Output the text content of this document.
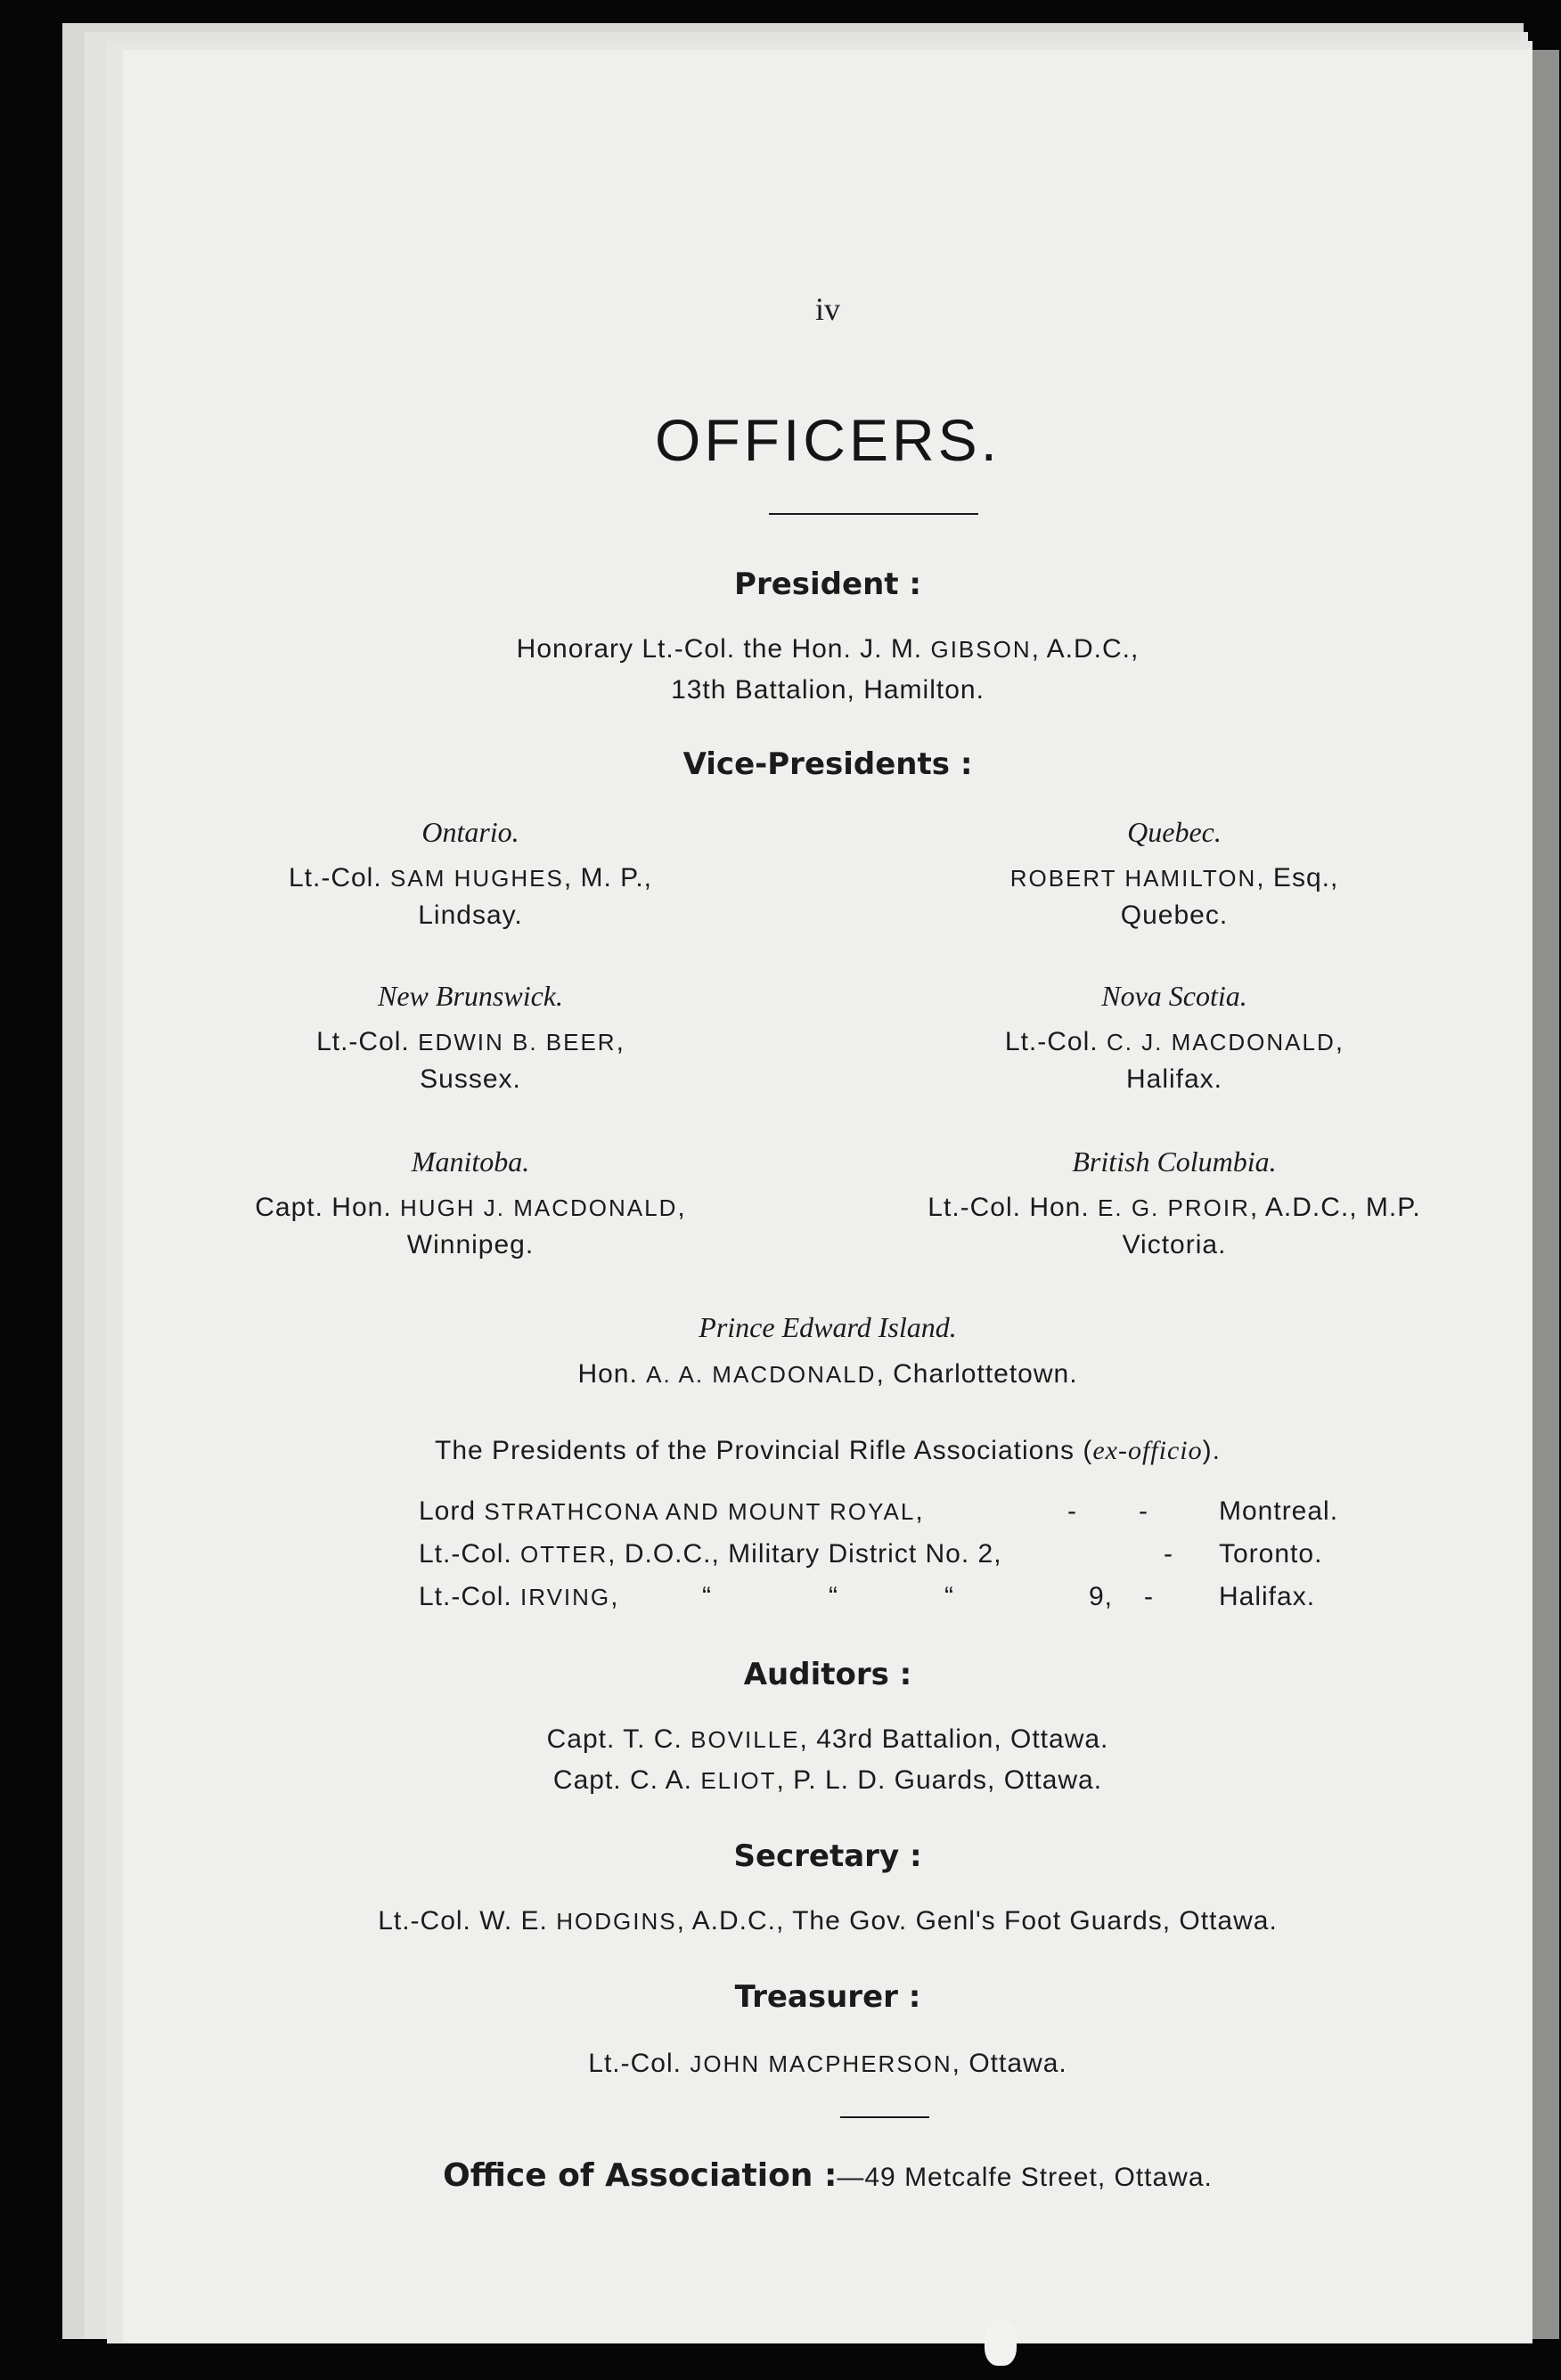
iv
OFFICERS.
President :
Honorary Lt.-Col. the Hon. J. M. GIBSON, A.D.C.,
13th Battalion, Hamilton.
Vice-Presidents :
Ontario.
Lt.-Col. SAM HUGHES, M. P.,
Lindsay.
Quebec.
ROBERT HAMILTON, Esq.,
Quebec.
New Brunswick.
Lt.-Col. EDWIN B. BEER,
Sussex.
Nova Scotia.
Lt.-Col. C. J. MACDONALD,
Halifax.
Manitoba.
Capt. Hon. HUGH J. MACDONALD,
Winnipeg.
British Columbia.
Lt.-Col. Hon. E. G. PROIR, A.D.C., M.P.
Victoria.
Prince Edward Island.
Hon. A. A. MACDONALD, Charlottetown.
The Presidents of the Provincial Rifle Associations (ex-officio).
Lord STRATHCONA AND MOUNT ROYAL,	- -	Montreal.
Lt.-Col. OTTER, D.O.C., Military District No. 2,	- Toronto.
Lt.-Col. IRVING,	“	“	“	9, - Halifax.
Auditors :
Capt. T. C. BOVILLE, 43rd Battalion, Ottawa.
Capt. C. A. ELIOT, P. L. D. Guards, Ottawa.
Secretary :
Lt.-Col. W. E. HODGINS, A.D.C., The Gov. Genl's Foot Guards, Ottawa.
Treasurer :
Lt.-Col. JOHN MACPHERSON, Ottawa.
Office of Association :—49 Metcalfe Street, Ottawa.
